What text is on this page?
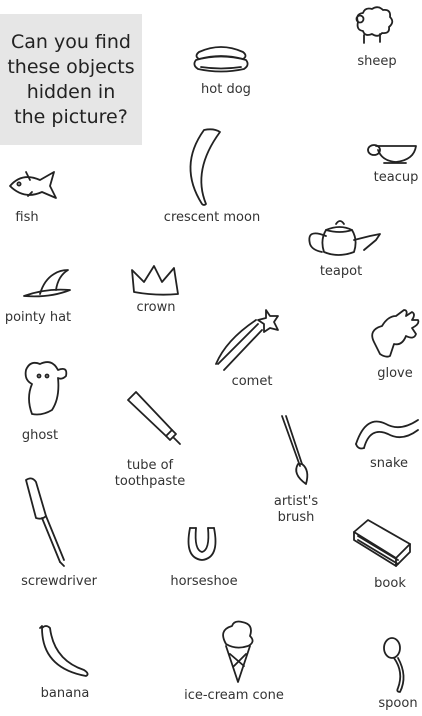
Can you find
these objects
hidden in
the picture?
sheep
hot dog
teacup
fish	crescent moon
teapot
pointy hat
crown
glove
comet
ghost
tube of
toothpaste
snake
artist's
brush
screwdriver	horseshoe	book
banana	ice-cream cone
spoon
